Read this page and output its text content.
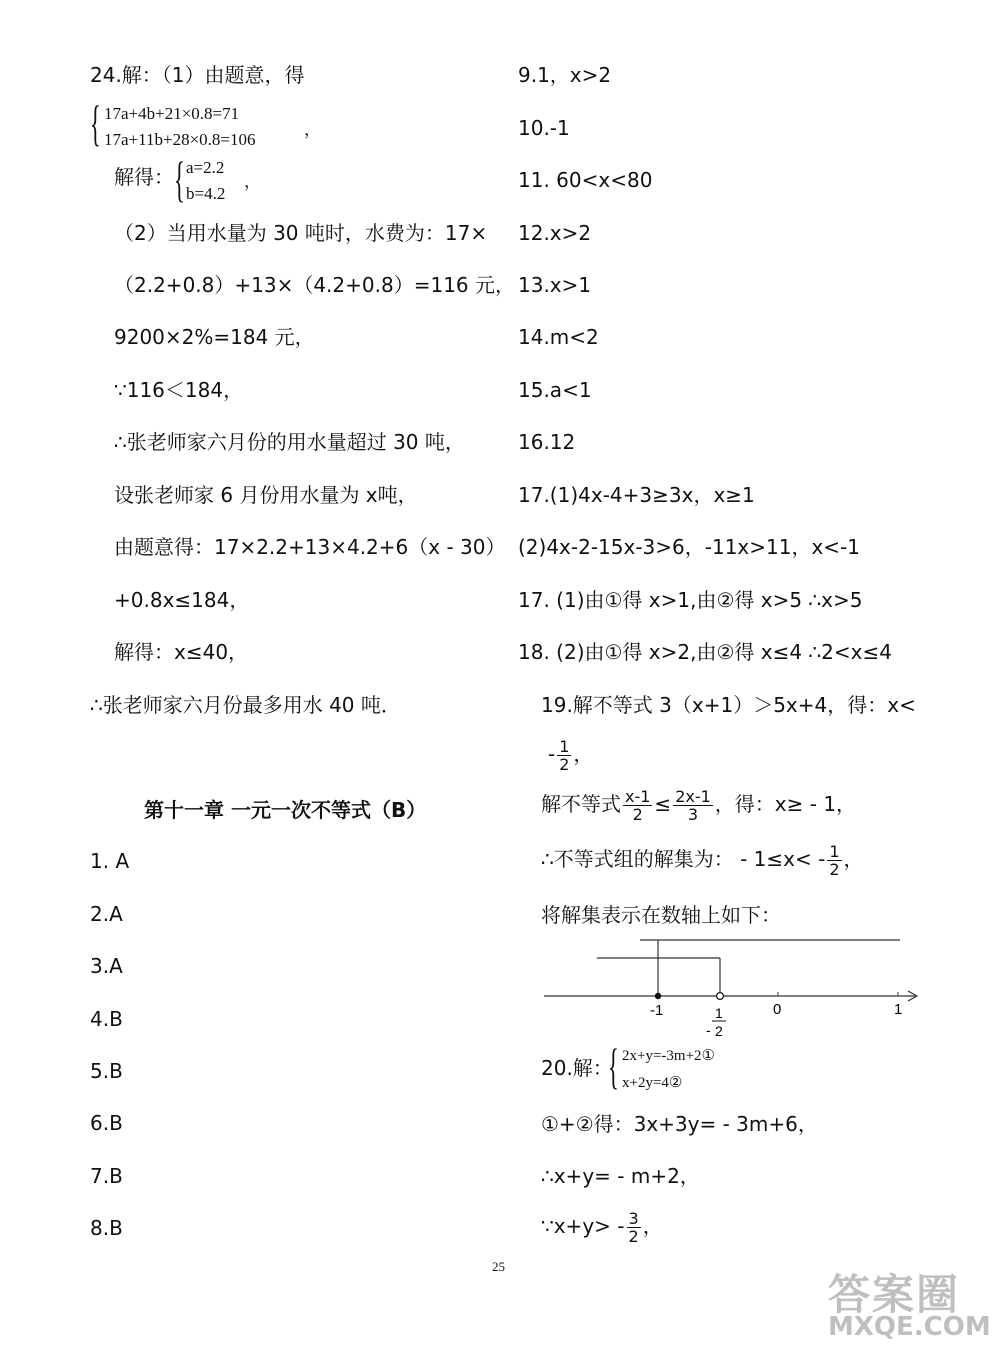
24.解：（1）由题意，得
{ 17a+4b+21×0.8=71
17a+11b+28×0.8=106
，
解得： { a=2.2
b=4.2
，
（2）当用水量为 30 吨时，水费为：17×
（2.2+0.8）+13×（4.2+0.8）=116 元，
9200×2%=184 元，
∵116＜184，
∴张老师家六月份的用水量超过 30 吨，
设张老师家 6 月份用水量为 x吨，
由题意得：17×2.2+13×4.2+6（x - 30）
+0.8x≤184，
解得：x≤40，
∴张老师家六月份最多用水 40 吨．
第十一章 一元一次不等式（B）
1. A
2.A
3.A
4.B
5.B
6.B
7.B
8.B
9.1，x>2
10.-1
11. 60<x<80
12.x>2
13.x>1
14.m<2
15.a<1
16.12
17.(1)4x-4+3≥3x，x≥1
(2)4x-2-15x-3>6，-11x>11，x<-1
17. (1)由①得 x>1,由②得 x>5 ∴x>5
18. (2)由①得 x>2,由②得 x≤4 ∴2<x≤4
19.解不等式 3（x+1）＞5x+4，得：x<
- $\frac{1}{2}$ ，
解不等式 $\frac{x-1}{2} \le \frac{2x-1}{3}$ ，得：x≥ - 1，
∴不等式组的解集为： - $1\le x< - \frac{1}{2}$ ，
将解集表示在数轴上如下：
-1	1
- 2
0	1
20.解：
{ 2x+y=-3m+2①
x+2y=4②
①+②得：3x+3y= - 3m+6，
∴x+y= - m+2，
∵x+y> - $\frac{3}{2}$ ，
25
答案圈
MXQE.COM
